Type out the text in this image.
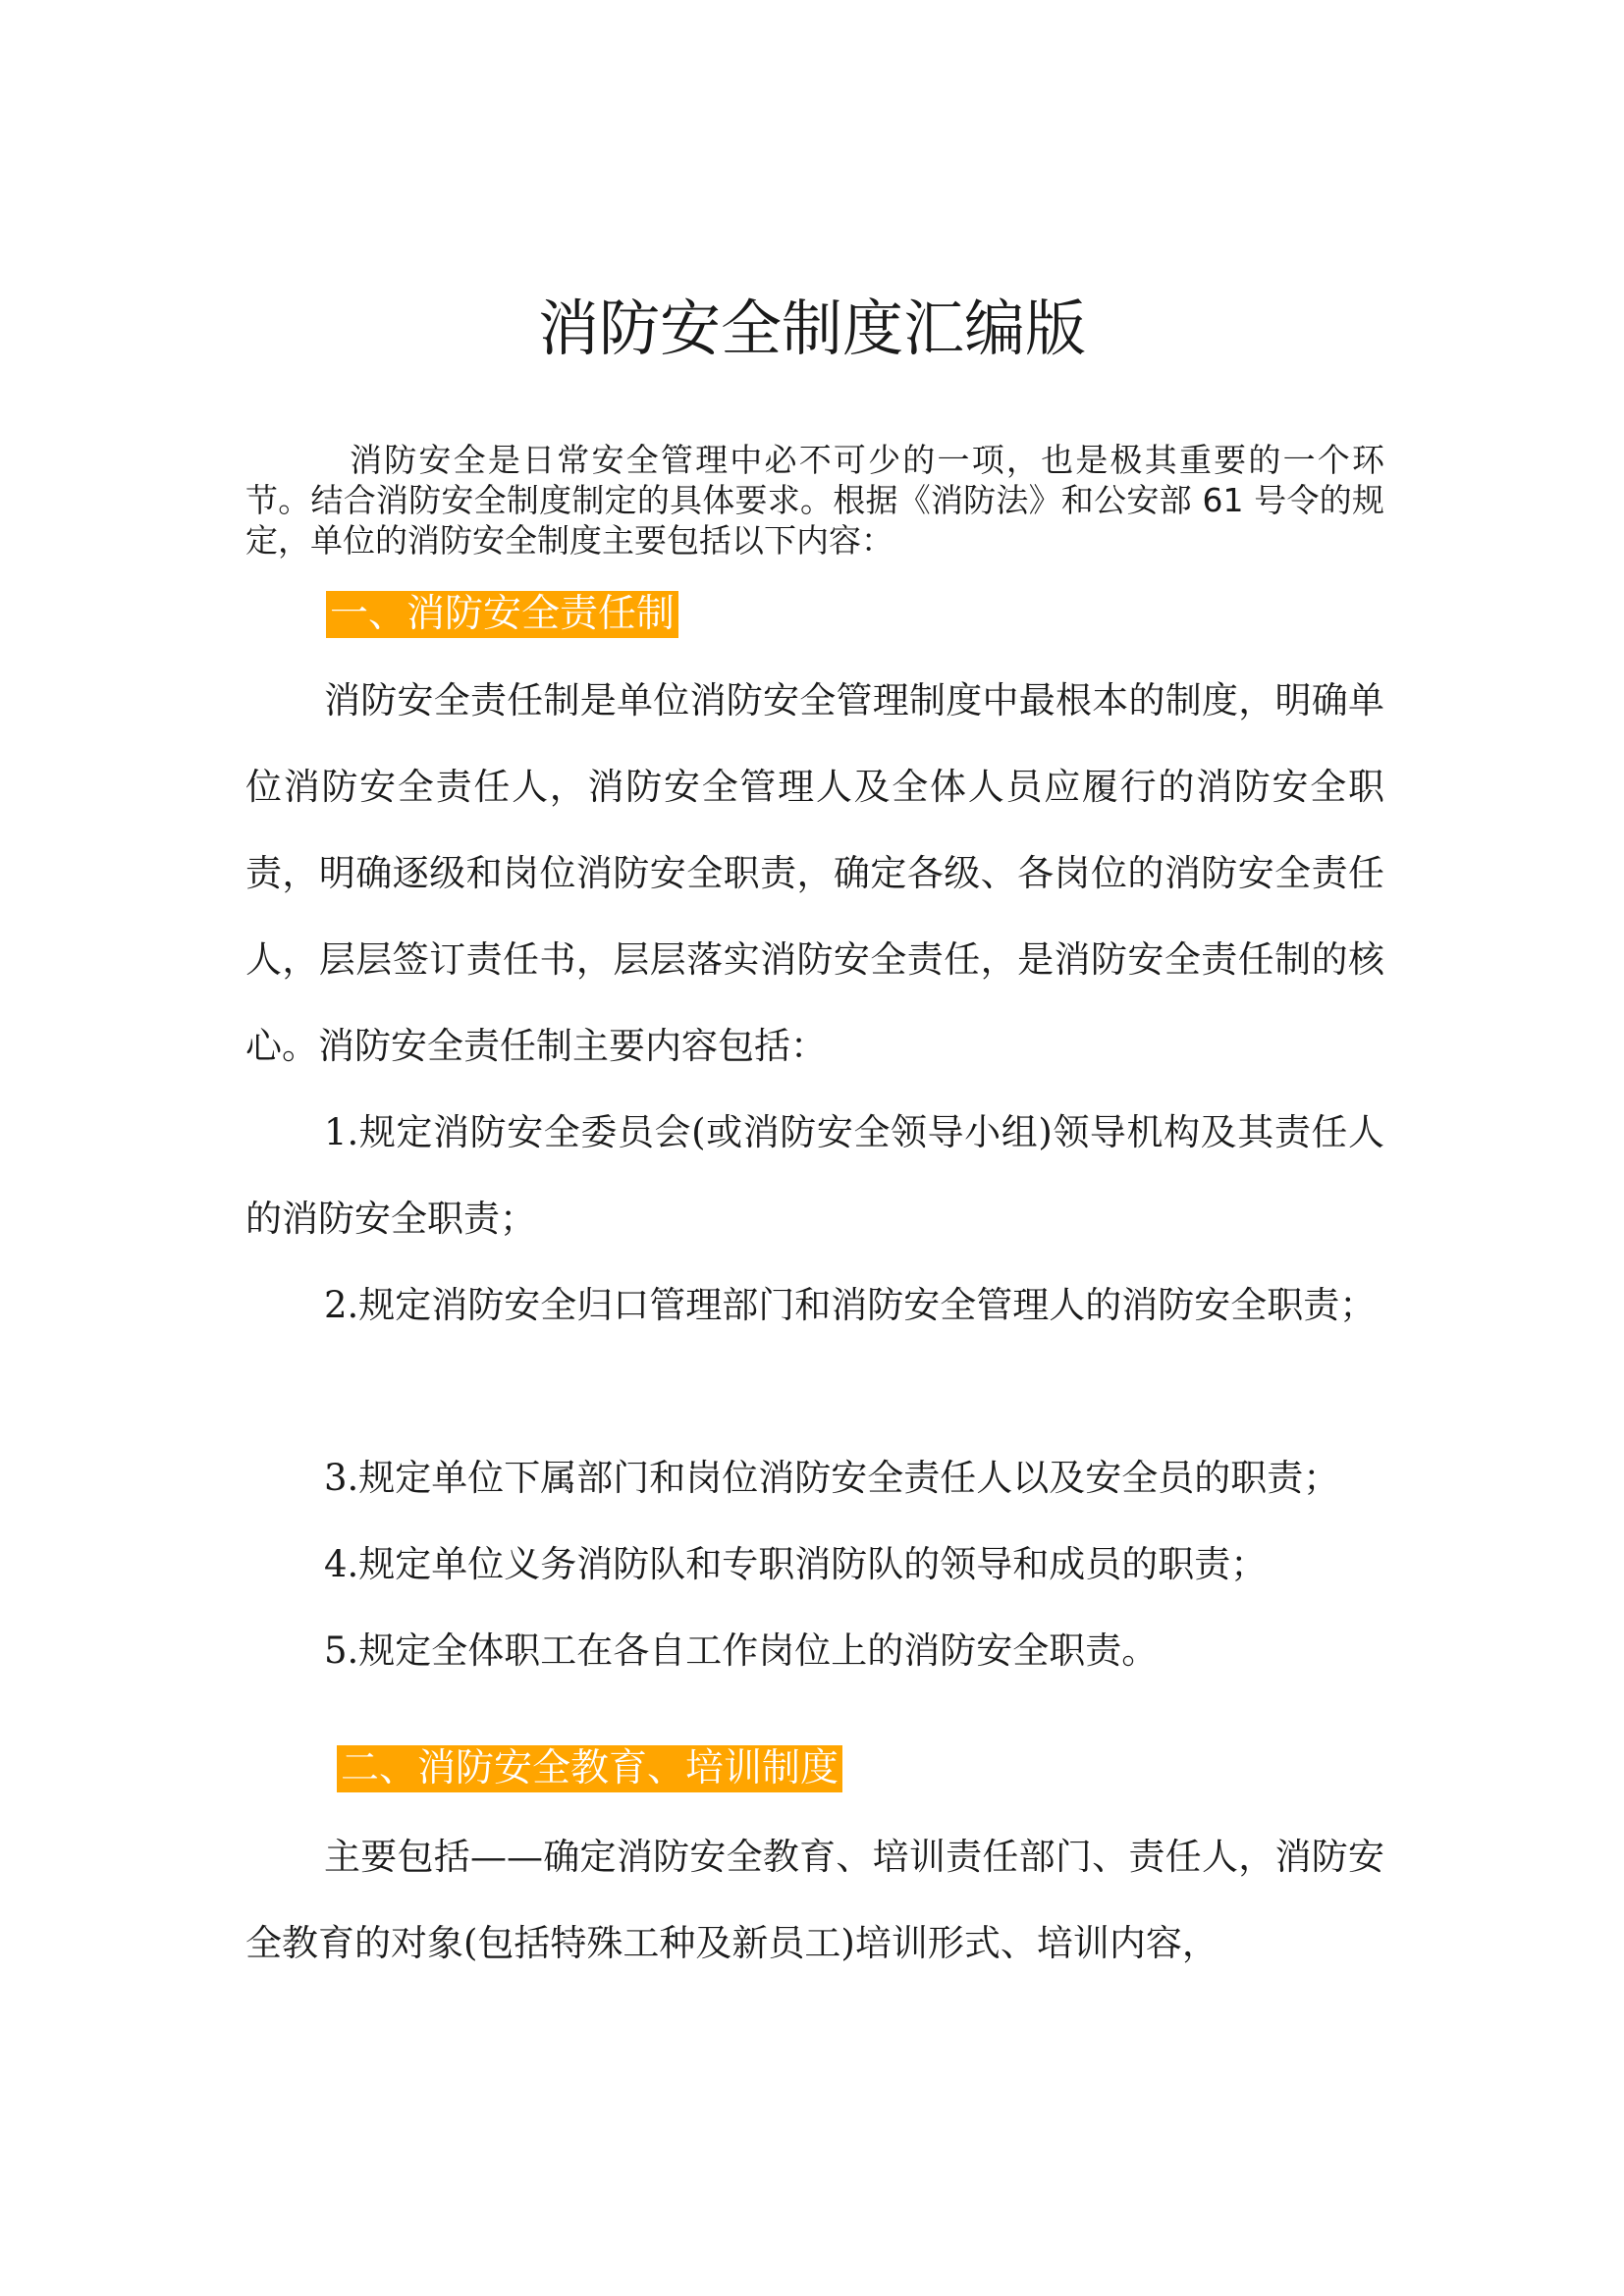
消防安全制度汇编版

消防安全是日常安全管理中必不可少的一项，也是极其重要的一个环节。结合消防安全制度制定的具体要求。根据《消防法》和公安部 61 号令的规定，单位的消防安全制度主要包括以下内容：

一、消防安全责任制

消防安全责任制是单位消防安全管理制度中最根本的制度，明确单位消防安全责任人，消防安全管理人及全体人员应履行的消防安全职责，明确逐级和岗位消防安全职责，确定各级、各岗位的消防安全责任人，层层签订责任书，层层落实消防安全责任，是消防安全责任制的核心。消防安全责任制主要内容包括：

1.规定消防安全委员会(或消防安全领导小组)领导机构及其责任人的消防安全职责；

2.规定消防安全归口管理部门和消防安全管理人的消防安全职责；

3.规定单位下属部门和岗位消防安全责任人以及安全员的职责；

4.规定单位义务消防队和专职消防队的领导和成员的职责；

5.规定全体职工在各自工作岗位上的消防安全职责。

二、消防安全教育、培训制度

主要包括——确定消防安全教育、培训责任部门、责任人，消防安全教育的对象(包括特殊工种及新员工)培训形式、培训内容，
